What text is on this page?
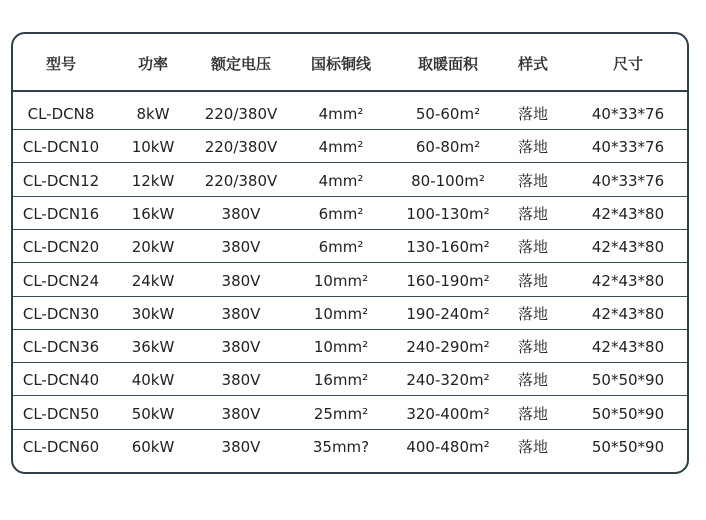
CL-DCN8	8kW	220/380V	4mm²	50-60m²	落地	40*33*76
CL-DCN10	10kW	220/380V	4mm²	60-80m²	落地	40*33*76
CL-DCN12	12kW	220/380V	4mm²	80-100m²	落地	40*33*76
CL-DCN16	16kW	380V	6mm²	100-130m²	落地	42*43*80
CL-DCN20	20kW	380V	6mm²	130-160m²	落地	42*43*80
CL-DCN24	24kW	380V	10mm²	160-190m²	落地	42*43*80
CL-DCN30	30kW	380V	10mm²	190-240m²	落地	42*43*80
CL-DCN36	36kW	380V	10mm²	240-290m²	落地	42*43*80
CL-DCN40	40kW	380V	16mm²	240-320m²	落地	50*50*90
CL-DCN50	50kW	380V	25mm²	320-400m²	落地	50*50*90
CL-DCN60	60kW	380V	35mm?	400-480m²	落地	50*50*90
型号	功率	额定电压	国标铜线	取暖面积	样式	尺寸
